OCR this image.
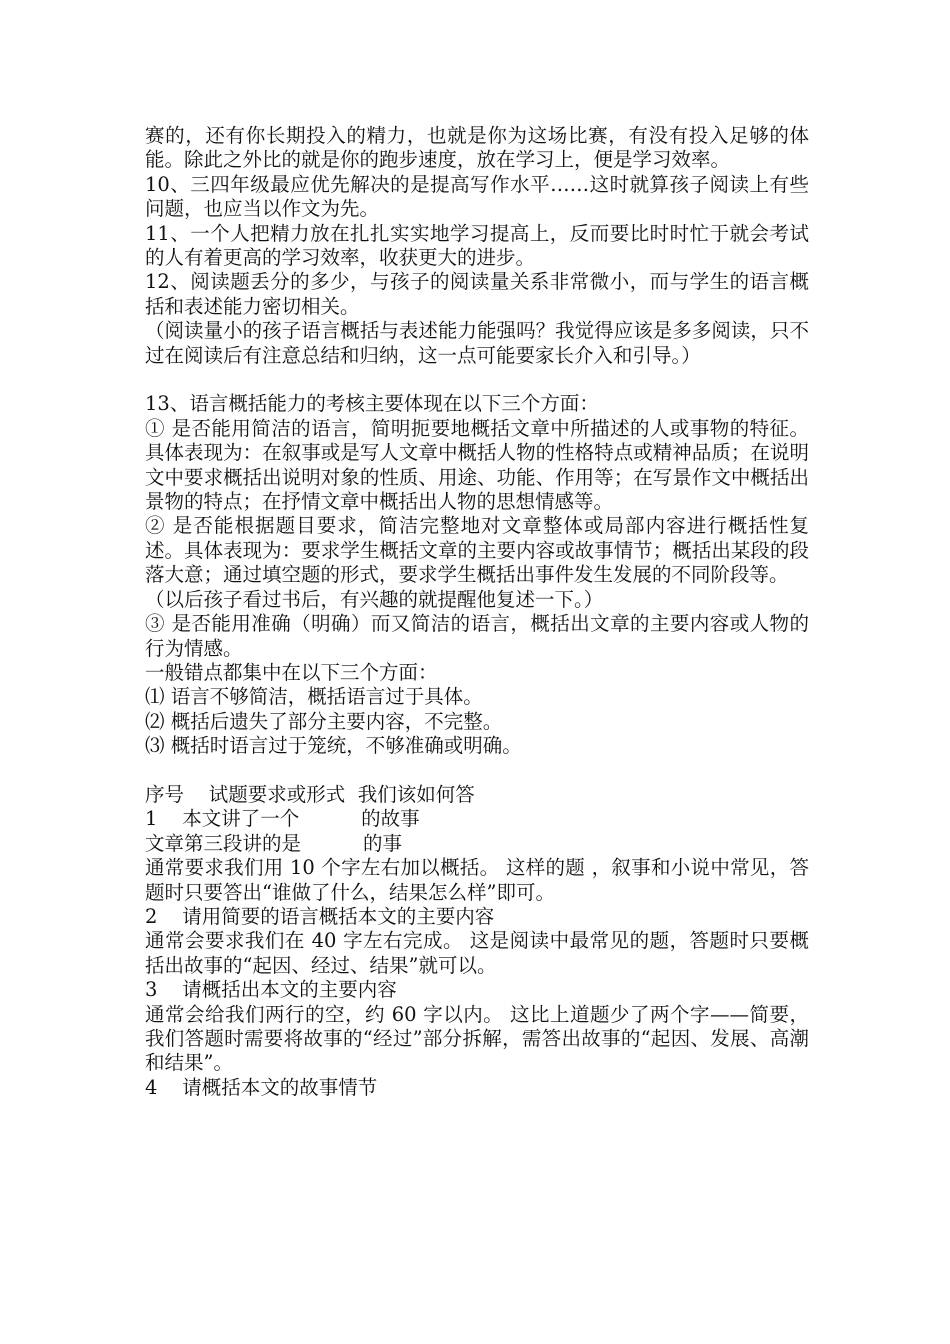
赛的，还有你长期投入的精力，也就是你为这场比赛，有没有投入足够的体能。除此之外比的就是你的跑步速度，放在学习上，便是学习效率。

10、三四年级最应优先解决的是提高写作水平……这时就算孩子阅读上有些问题，也应当以作文为先。

11、一个人把精力放在扎扎实实地学习提高上，反而要比时时忙于就会考试的人有着更高的学习效率，收获更大的进步。

12、阅读题丢分的多少，与孩子的阅读量关系非常微小，而与学生的语言概括和表述能力密切相关。

（阅读量小的孩子语言概括与表述能力能强吗？我觉得应该是多多阅读，只不过在阅读后有注意总结和归纳，这一点可能要家长介入和引导。）

13、语言概括能力的考核主要体现在以下三个方面：

① 是否能用简洁的语言，简明扼要地概括文章中所描述的人或事物的特征。具体表现为：在叙事或是写人文章中概括人物的性格特点或精神品质；在说明文中要求概括出说明对象的性质、用途、功能、作用等；在写景作文中概括出景物的特点；在抒情文章中概括出人物的思想情感等。

② 是否能根据题目要求，简洁完整地对文章整体或局部内容进行概括性复述。具体表现为：要求学生概括文章的主要内容或故事情节；概括出某段的段落大意；通过填空题的形式，要求学生概括出事件发生发展的不同阶段等。

（以后孩子看过书后，有兴趣的就提醒他复述一下。）

③ 是否能用准确（明确）而又简洁的语言，概括出文章的主要内容或人物的行为情感。

一般错点都集中在以下三个方面：

⑴ 语言不够简洁，概括语言过于具体。

⑵ 概括后遗失了部分主要内容，不完整。

⑶ 概括时语言过于笼统，不够准确或明确。

序号    试题要求或形式  我们该如何答

1    本文讲了一个          的故事

文章第三段讲的是          的事

通常要求我们用 10 个字左右加以概括。 这样的题 ，叙事和小说中常见，答题时只要答出“谁做了什么，结果怎么样”即可。

2    请用简要的语言概括本文的主要内容

通常会要求我们在 40 字左右完成。 这是阅读中最常见的题，答题时只要概括出故事的“起因、经过、结果”就可以。

3    请概括出本文的主要内容

通常会给我们两行的空，约 60 字以内。 这比上道题少了两个字——简要，我们答题时需要将故事的“经过”部分拆解，需答出故事的“起因、发展、高潮和结果”。

4    请概括本文的故事情节
